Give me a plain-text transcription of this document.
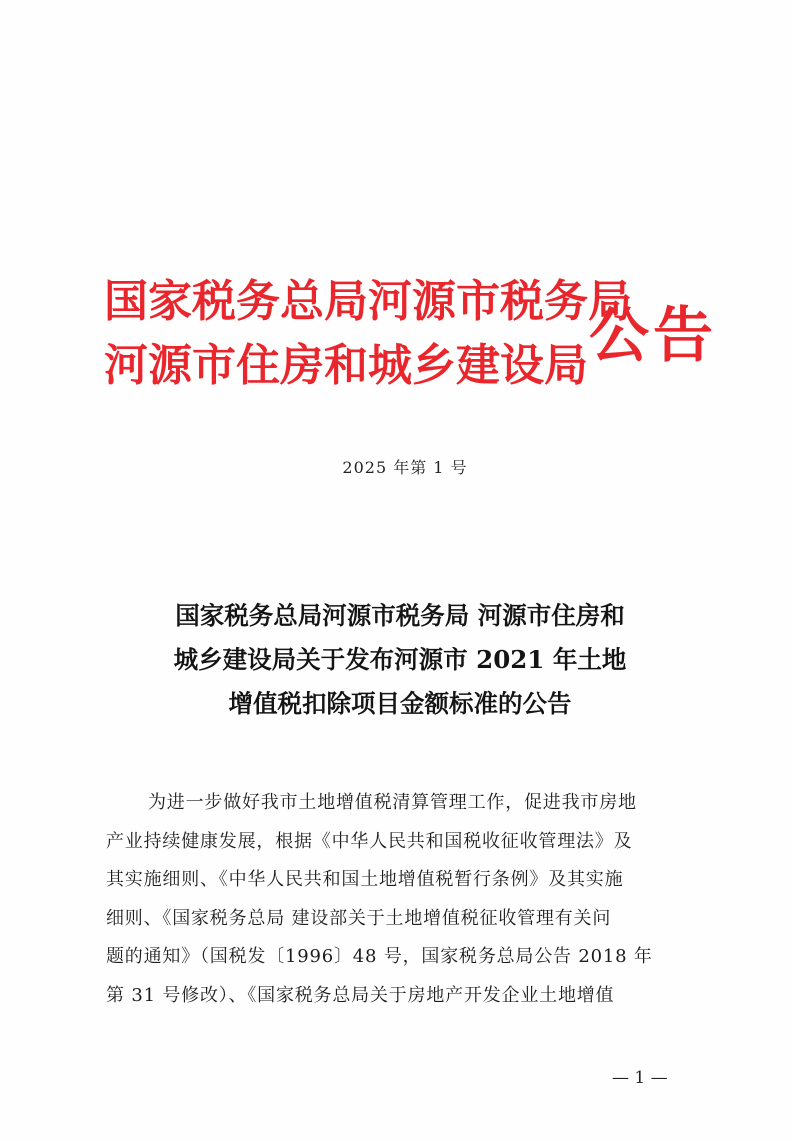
国家税务总局河源市税务局
河源市住房和城乡建设局 公告
2025 年第 1 号
国家税务总局河源市税务局 河源市住房和
城乡建设局关于发布河源市 2021 年土地
增值税扣除项目金额标准的公告
为进一步做好我市土地增值税清算管理工作，促进我市房地
产业持续健康发展，根据《中华人民共和国税收征收管理法》及
其实施细则、《中华人民共和国土地增值税暂行条例》及其实施
细则、《国家税务总局 建设部关于土地增值税征收管理有关问
题的通知》（国税发〔1996〕48 号，国家税务总局公告 2018 年
第 31 号修改）、《国家税务总局关于房地产开发企业土地增值
— 1 —
